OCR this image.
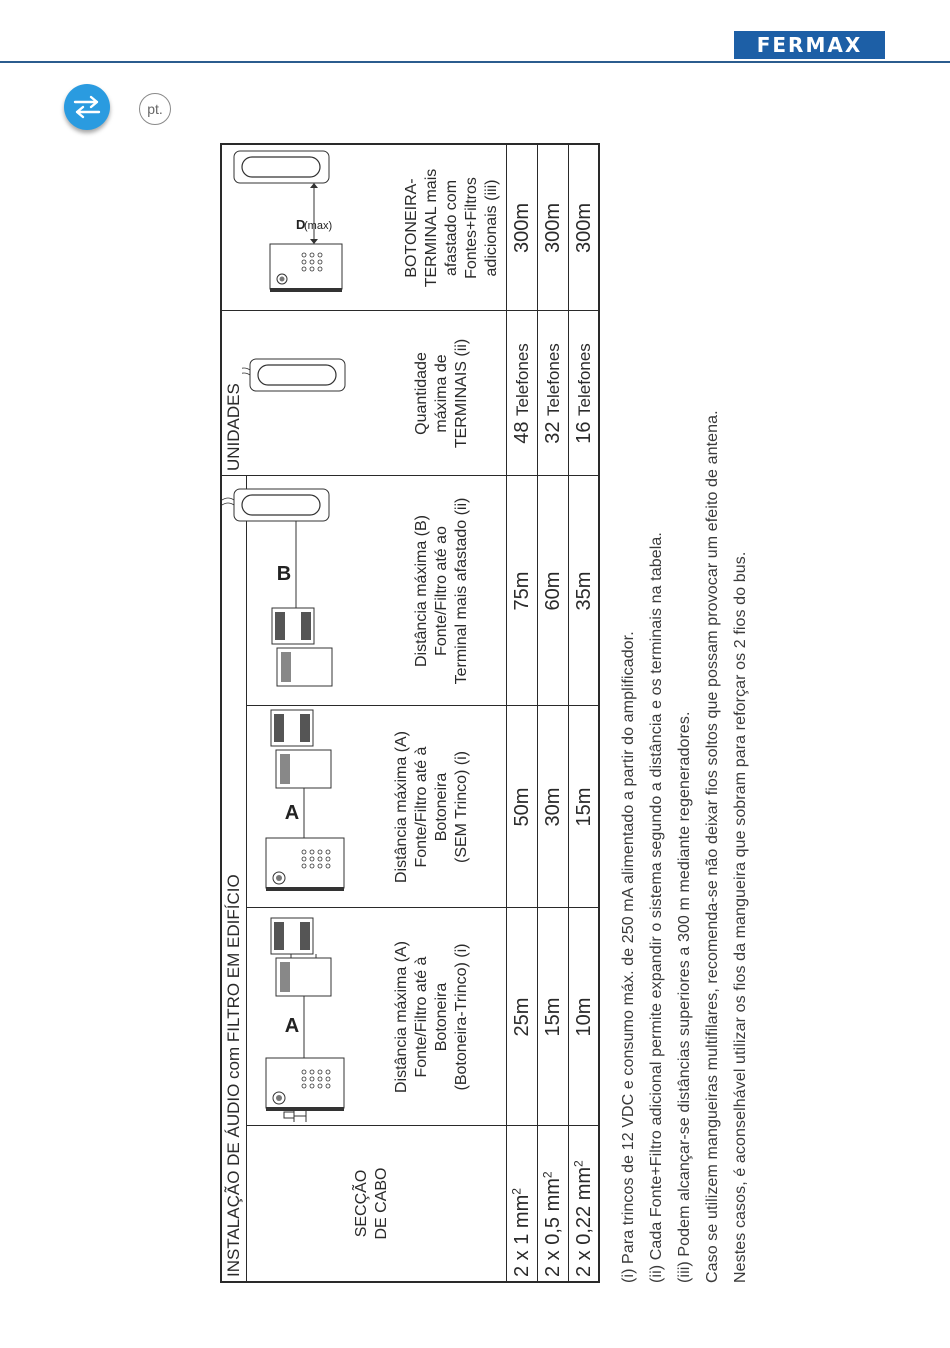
FERMAX
pt.
INSTALAÇÃO DE ÁUDIO com FILTRO EM EDIFÍCIO
UNIDADES
SECÇÃO DE CABO
Distância máxima (A) Fonte/Filtro até à Botoneira (Botoneira-Trinco) (i)
Distância máxima (A) Fonte/Filtro até à Botoneira (SEM Trinco) (i)
Distância máxima (B) Fonte/Filtro até ao Terminal mais afastado (ii)
Quantidade máxima de TERMINAIS (ii)
BOTONEIRA- TERMINAL mais afastado com Fontes+Filtros adicionais (iii)
A
A
B
D
(max)
2 x 1 $mm^2$
25m
50m
75m
48 Telefones
300m
2 x 0,5 $mm^2$
15m
30m
60m
32 Telefones
300m
2 x 0,22 $mm^2$
10m
15m
35m
16 Telefones
300m
(i) Para trincos de 12 VDC e consumo máx. de 250 mA alimentado a partir do amplificador. (ii) Cada Fonte+Filtro adicional permite expandir o sistema segundo a distância e os terminais na tabela. (iii) Podem alcançar-se distâncias superiores a 300 m mediante regeneradores. Caso se utilizem mangueiras multifilares, recomenda-se não deixar fios soltos que possam provocar um efeito de antena. Nestes casos, é aconselhável utilizar os fios da mangueira que sobram para reforçar os 2 fios do bus.
